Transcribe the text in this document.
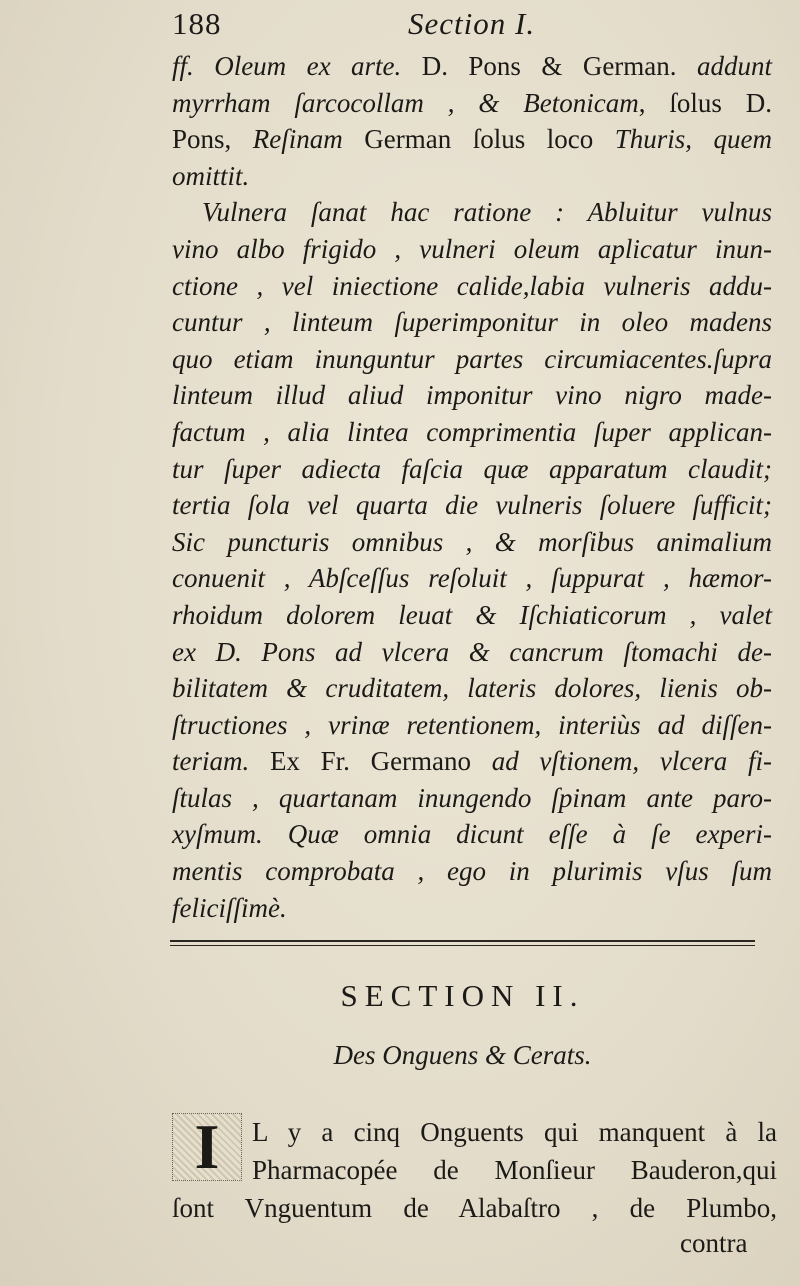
188	Section I.
ff. Oleum ex arte. D. Pons & German. addunt
myrrham ſarcocollam , & Betonicam, ſolus D.
Pons, Reſinam German ſolus loco Thuris, quem
omittit.
Vulnera ſanat hac ratione : Abluitur vulnus
vino albo frigido , vulneri oleum aplicatur inun-
ctione , vel iniectione calide,labia vulneris addu-
cuntur , linteum ſuperimponitur in oleo madens
quo etiam inunguntur partes circumiacentes.ſupra
linteum illud aliud imponitur vino nigro made-
factum , alia lintea comprimentia ſuper applican-
tur ſuper adiecta faſcia quæ apparatum claudit;
tertia ſola vel quarta die vulneris ſoluere ſufficit;
Sic puncturis omnibus , & morſibus animalium
conuenit , Abſceſſus reſoluit , ſuppurat , hæmor-
rhoidum dolorem leuat & Iſchiaticorum , valet
ex D. Pons ad vlcera & cancrum ſtomachi de-
bilitatem & cruditatem, lateris dolores, lienis ob-
ſtructiones , vrinæ retentionem, interiùs ad diſſen-
teriam. Ex Fr. Germano ad vſtionem, vlcera fi-
ſtulas , quartanam inungendo ſpinam ante paro-
xyſmum. Quæ omnia dicunt eſſe à ſe experi-
mentis comprobata , ego in plurimis vſus ſum
feliciſſimè.
SECTION II.
Des Onguens & Cerats.
L y a cinq Onguents qui manquent à la
Pharmacopée de Monſieur Bauderon,qui
ſont Vnguentum de Alabaſtro , de Plumbo,
I
contra
